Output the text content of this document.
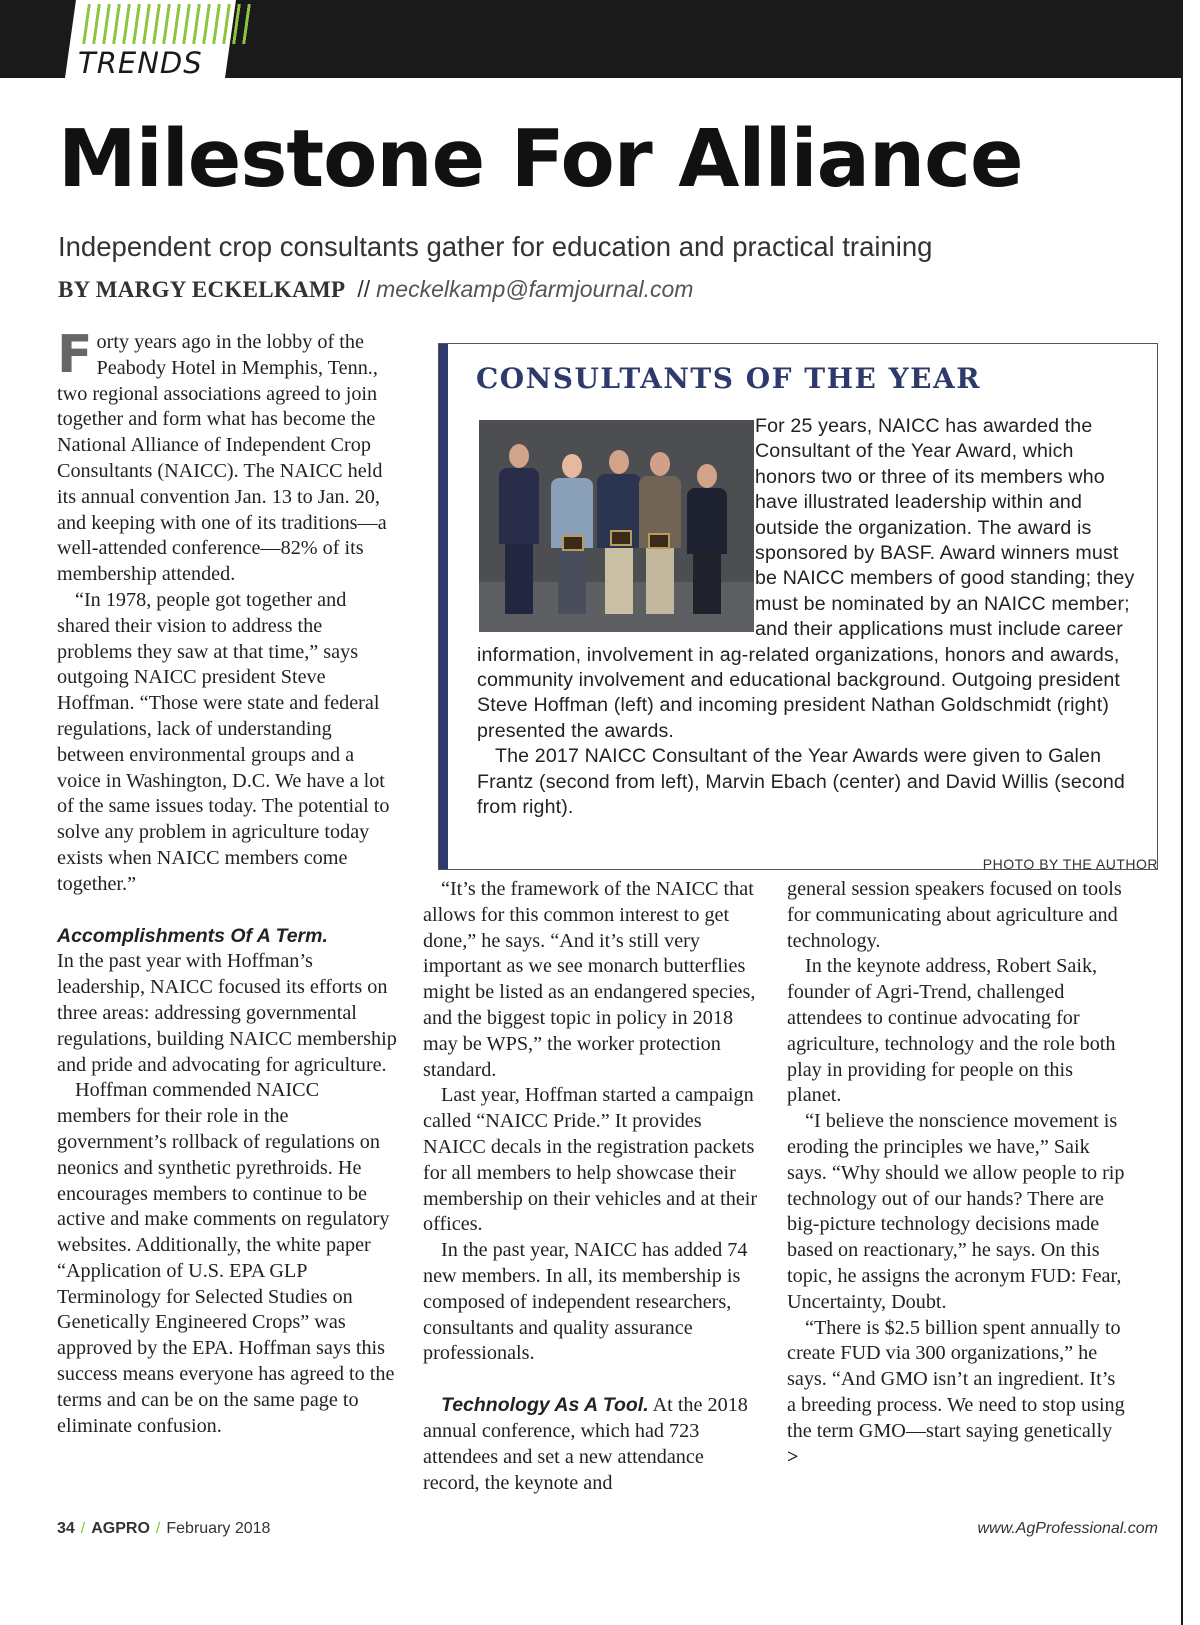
TRENDS
Milestone For Alliance
Independent crop consultants gather for education and practical training
BY MARGY ECKELKAMP // meckelkamp@farmjournal.com

Forty years ago in the lobby of the Peabody Hotel in Memphis, Tenn., two regional associations agreed to join together and form what has become the National Alliance of Independent Crop Consultants (NAICC). The NAICC held its annual convention Jan. 13 to Jan. 20, and keeping with one of its traditions—a well-attended conference—82% of its membership attended.

“In 1978, people got together and shared their vision to address the problems they saw at that time,” says outgoing NAICC president Steve Hoffman. “Those were state and federal regulations, lack of understanding between environmental groups and a voice in Washington, D.C. We have a lot of the same issues today. The potential to solve any problem in agriculture today exists when NAICC members come together.”

Accomplishments Of A Term.
In the past year with Hoffman’s leadership, NAICC focused its efforts on three areas: addressing governmental regulations, building NAICC membership and pride and advocating for agriculture.

Hoffman commended NAICC members for their role in the government’s rollback of regulations on neonics and synthetic pyrethroids. He encourages members to continue to be active and make comments on regulatory websites. Additionally, the white paper “Application of U.S. EPA GLP Terminology for Selected Studies on Genetically Engineered Crops” was approved by the EPA. Hoffman says this success means everyone has agreed to the terms and can be on the same page to eliminate confusion.

CONSULTANTS OF THE YEAR

For 25 years, NAICC has awarded the Consultant of the Year Award, which honors two or three of its members who have illustrated leadership within and outside the organization. The award is sponsored by BASF. Award winners must be NAICC members of good standing; they must be nominated by an NAICC member; and their applications must include career information, involvement in ag-related organizations, honors and awards, community involvement and educational background. Outgoing president Steve Hoffman (left) and incoming president Nathan Goldschmidt (right) presented the awards.

The 2017 NAICC Consultant of the Year Awards were given to Galen Frantz (second from left), Marvin Ebach (center) and David Willis (second from right).

PHOTO BY THE AUTHOR

“It’s the framework of the NAICC that allows for this common interest to get done,” he says. “And it’s still very important as we see monarch butterflies might be listed as an endangered species, and the biggest topic in policy in 2018 may be WPS,” the worker protection standard.

Last year, Hoffman started a campaign called “NAICC Pride.” It provides NAICC decals in the registration packets for all members to help showcase their membership on their vehicles and at their offices.

In the past year, NAICC has added 74 new members. In all, its membership is composed of independent researchers, consultants and quality assurance professionals.

Technology As A Tool. At the 2018 annual conference, which had 723 attendees and set a new attendance record, the keynote and

general session speakers focused on tools for communicating about agriculture and technology.

In the keynote address, Robert Saik, founder of Agri-Trend, challenged attendees to continue advocating for agriculture, technology and the role both play in providing for people on this planet.

“I believe the nonscience movement is eroding the principles we have,” Saik says. “Why should we allow people to rip technology out of our hands? There are big-picture technology decisions made based on reactionary,” he says. On this topic, he assigns the acronym FUD: Fear, Uncertainty, Doubt.

“There is $2.5 billion spent annually to create FUD via 300 organizations,” he says. “And GMO isn’t an ingredient. It’s a breeding process. We need to stop using the term GMO—start saying genetically >

34 / AGPRO / February 2018	www.AgProfessional.com
